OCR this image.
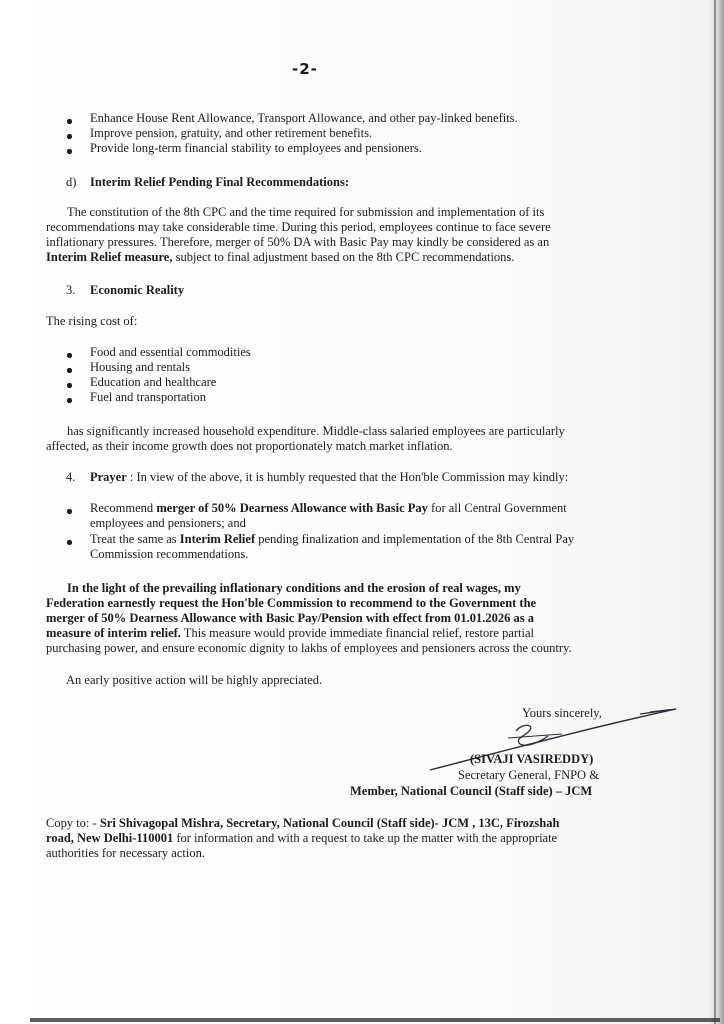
-2-
Enhance House Rent Allowance, Transport Allowance, and other pay-linked benefits.
Improve pension, gratuity, and other retirement benefits.
Provide long-term financial stability to employees and pensioners.
d) Interim Relief Pending Final Recommendations:
The constitution of the 8th CPC and the time required for submission and implementation of its
recommendations may take considerable time. During this period, employees continue to face severe
inflationary pressures. Therefore, merger of 50% DA with Basic Pay may kindly be considered as an
Interim Relief measure, subject to final adjustment based on the 8th CPC recommendations.
3. Economic Reality
The rising cost of:
Food and essential commodities
Housing and rentals
Education and healthcare
Fuel and transportation
has significantly increased household expenditure. Middle-class salaried employees are particularly
affected, as their income growth does not proportionately match market inflation.
4. Prayer : In view of the above, it is humbly requested that the Hon'ble Commission may kindly:
Recommend merger of 50% Dearness Allowance with Basic Pay for all Central Government
employees and pensioners; and
Treat the same as Interim Relief pending finalization and implementation of the 8th Central Pay
Commission recommendations.
In the light of the prevailing inflationary conditions and the erosion of real wages, my
Federation earnestly request the Hon'ble Commission to recommend to the Government the
merger of 50% Dearness Allowance with Basic Pay/Pension with effect from 01.01.2026 as a
measure of interim relief. This measure would provide immediate financial relief, restore partial
purchasing power, and ensure economic dignity to lakhs of employees and pensioners across the country.
An early positive action will be highly appreciated.
Yours sincerely,
(SIVAJI VASIREDDY)
Secretary General, FNPO &
Member, National Council (Staff side) – JCM
Copy to: - Sri Shivagopal Mishra, Secretary, National Council (Staff side)- JCM , 13C, Firozshah
road, New Delhi-110001 for information and with a request to take up the matter with the appropriate
authorities for necessary action.
